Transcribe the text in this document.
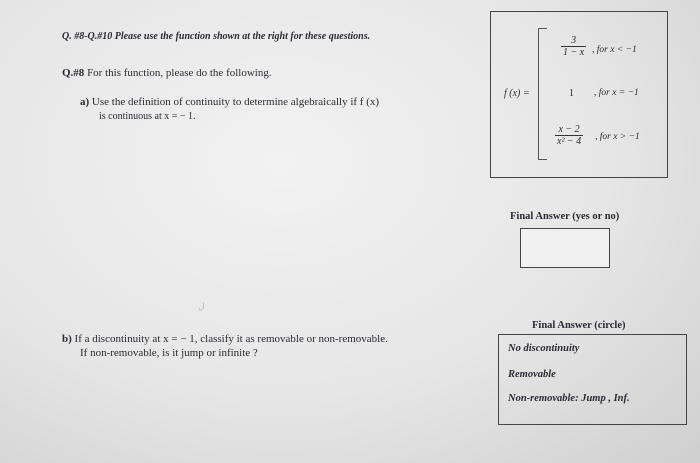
Q. #8-Q.#10 Please use the function shown at the right for these questions.
Q.#8 For this function, please do the following.
a) Use the definition of continuity to determine algebraically if f (x)
is continuous at x = − 1.
ل
b) If a discontinuity at x = − 1, classify it as removable or non-removable.
If non-removable, is it jump or infinite ?
f (x) =
$\frac{3}{1 - x}$ , for x < −1
1 , for x = −1
$\frac{x - 2}{\text{x² − 4}}$ , for x > −1
Final Answer (yes or no)
Final Answer (circle)
No discontinuity
Removable
Non-removable: Jump , Inf.
